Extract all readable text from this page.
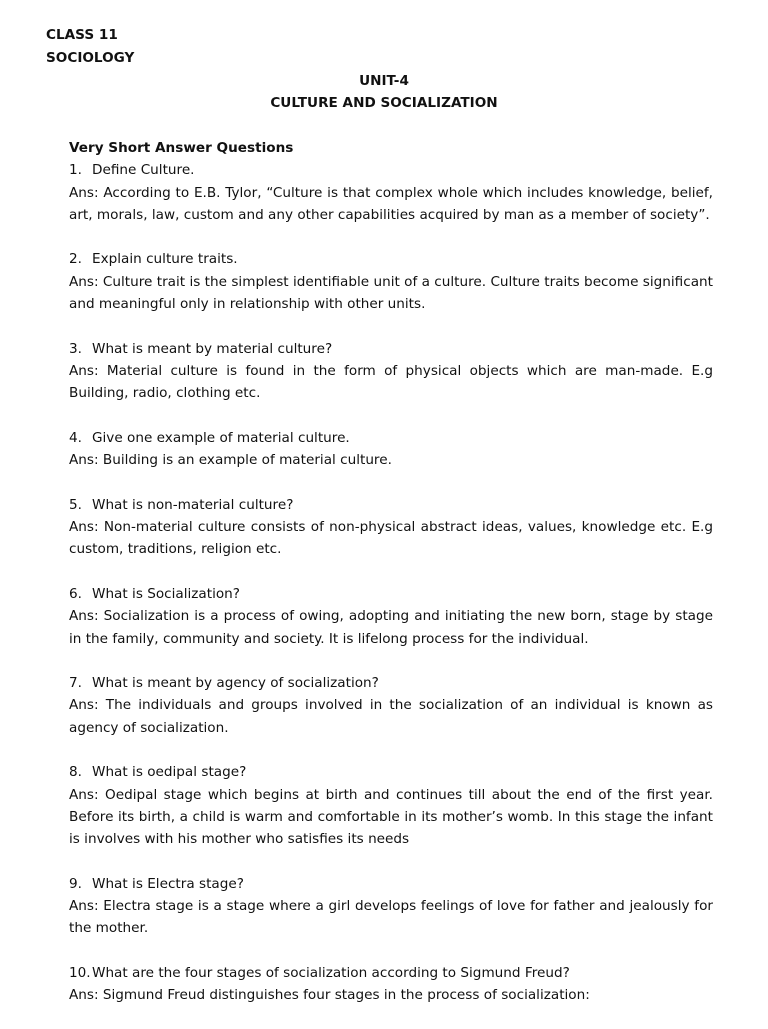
CLASS 11
SOCIOLOGY
UNIT-4
CULTURE AND SOCIALIZATION
Very Short Answer Questions
1. Define Culture.
Ans: According to E.B. Tylor, “Culture is that complex whole which includes knowledge, belief, art, morals, law, custom and any other capabilities acquired by man as a member of society”.
2. Explain culture traits.
Ans: Culture trait is the simplest identifiable unit of a culture. Culture traits become significant and meaningful only in relationship with other units.
3. What is meant by material culture?
Ans: Material culture is found in the form of physical objects which are man-made. E.g Building, radio, clothing etc.
4. Give one example of material culture.
Ans: Building is an example of material culture.
5. What is non-material culture?
Ans: Non-material culture consists of non-physical abstract ideas, values, knowledge etc. E.g custom, traditions, religion etc.
6. What is Socialization?
Ans: Socialization is a process of owing, adopting and initiating the new born, stage by stage in the family, community and society. It is lifelong process for the individual.
7. What is meant by agency of socialization?
Ans: The individuals and groups involved in the socialization of an individual is known as agency of socialization.
8. What is oedipal stage?
Ans: Oedipal stage which begins at birth and continues till about the end of the first year. Before its birth, a child is warm and comfortable in its mother’s womb. In this stage the infant is involves with his mother who satisfies its needs
9. What is Electra stage?
Ans: Electra stage is a stage where a girl develops feelings of love for father and jealously for the mother.
10.What are the four stages of socialization according to Sigmund Freud?
Ans: Sigmund Freud distinguishes four stages in the process of socialization:
